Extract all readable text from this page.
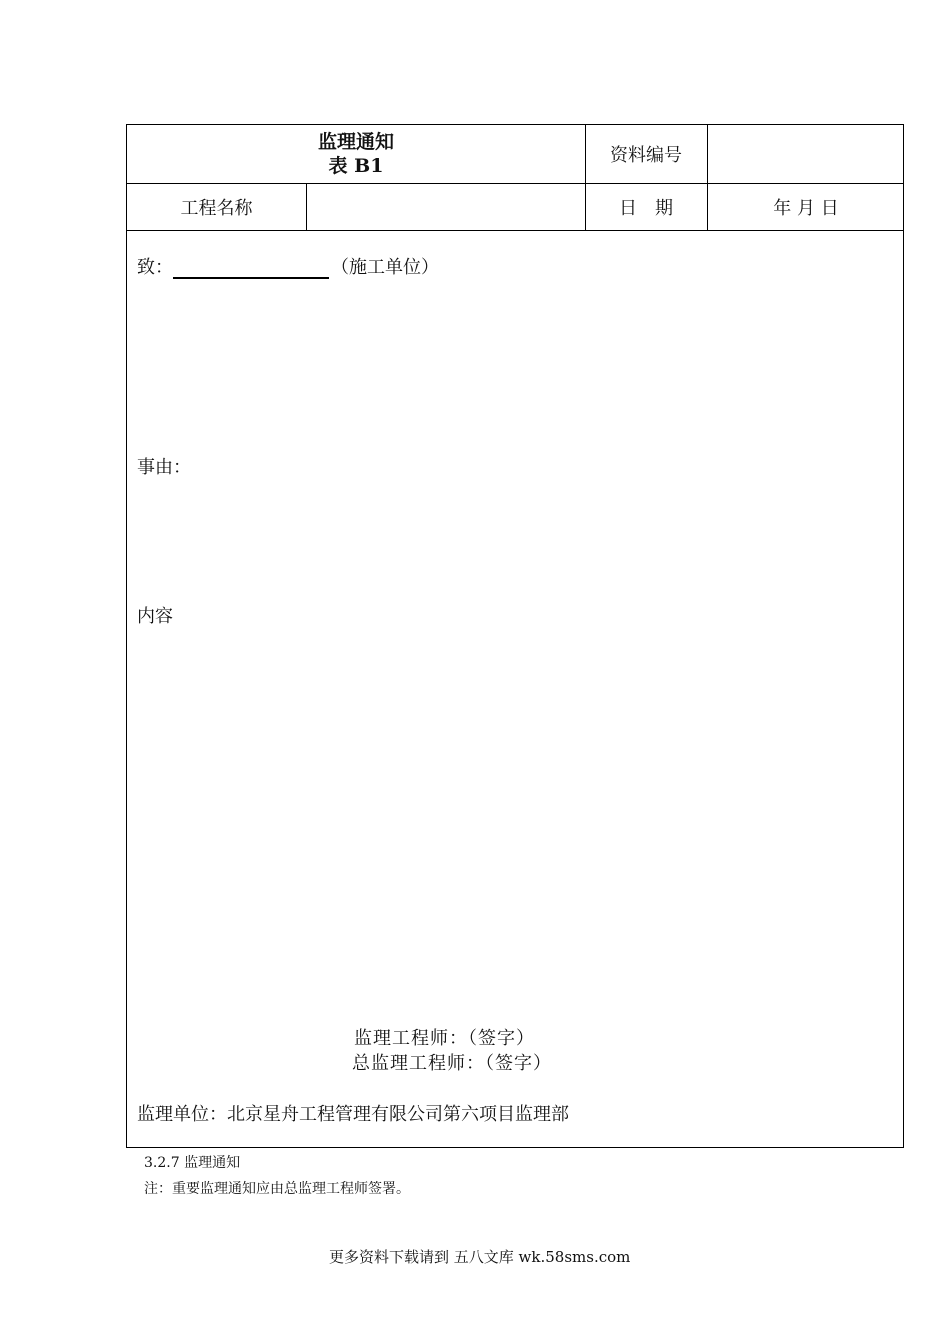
监理通知
表 B1	资料编号
工程名称	日　期	年 月 日
致：	（施工单位）
事由：
内容
监理工程师：（签字）
总监理工程师：（签字）
监理单位：北京星舟工程管理有限公司第六项目监理部
3.2.7 监理通知
注：重要监理通知应由总监理工程师签署。
更多资料下载请到 五八文库 wk.58sms.com
